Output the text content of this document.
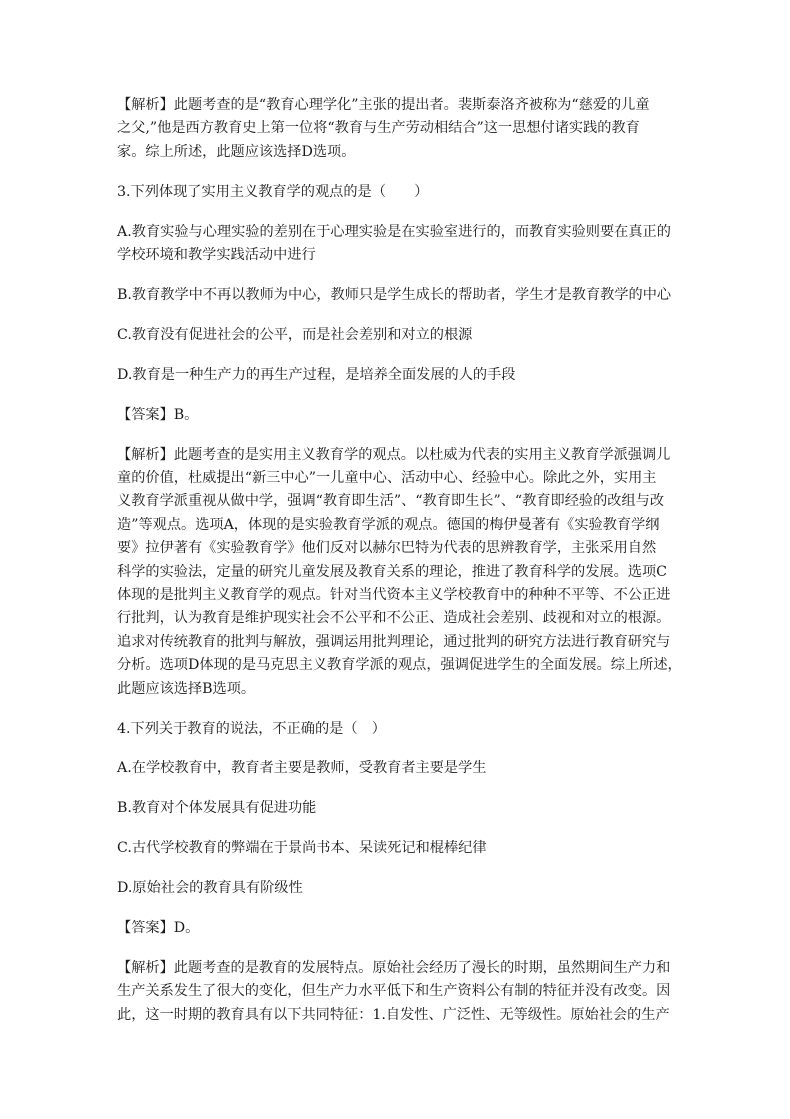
【解析】此题考查的是“教育心理学化”主张的提出者。裴斯泰洛齐被称为“慈爱的儿童
之父,”他是西方教育史上第一位将“教育与生产劳动相结合”这一思想付诸实践的教育
家。综上所述，此题应该选择D选项。
3.下列体现了实用主义教育学的观点的是（　　）
A.教育实验与心理实验的差别在于心理实验是在实验室进行的，而教育实验则要在真正的
学校环境和教学实践活动中进行
B.教育教学中不再以教师为中心，教师只是学生成长的帮助者，学生才是教育教学的中心
C.教育没有促进社会的公平，而是社会差别和对立的根源
D.教育是一种生产力的再生产过程，是培养全面发展的人的手段
【答案】B。
【解析】此题考查的是实用主义教育学的观点。以杜威为代表的实用主义教育学派强调儿
童的价值，杜威提出“新三中心”一儿童中心、活动中心、经验中心。除此之外，实用主
义教育学派重视从做中学，强调“教育即生活”、“教育即生长”、“教育即经验的改组与改
造”等观点。选项A，体现的是实验教育学派的观点。德国的梅伊曼著有《实验教育学纲
要》拉伊著有《实验教育学》他们反对以赫尔巴特为代表的思辨教育学，主张采用自然
科学的实验法，定量的研究儿童发展及教育关系的理论，推进了教育科学的发展。选项C
体现的是批判主义教育学的观点。针对当代资本主义学校教育中的种种不平等、不公正进
行批判，认为教育是维护现实社会不公平和不公正、造成社会差别、歧视和对立的根源。
追求对传统教育的批判与解放，强调运用批判理论，通过批判的研究方法进行教育研究与
分析。选项D体现的是马克思主义教育学派的观点，强调促进学生的全面发展。综上所述，
此题应该选择B选项。
4.下列关于教育的说法，不正确的是（　）
A.在学校教育中，教育者主要是教师，受教育者主要是学生
B.教育对个体发展具有促进功能
C.古代学校教育的弊端在于景尚书本、呆读死记和棍棒纪律
D.原始社会的教育具有阶级性
【答案】D。
【解析】此题考查的是教育的发展特点。原始社会经历了漫长的时期，虽然期间生产力和
生产关系发生了很大的变化，但生产力水平低下和生产资料公有制的特征并没有改变。因
此，这一时期的教育具有以下共同特征：1.自发性、广泛性、无等级性。原始社会的生产
